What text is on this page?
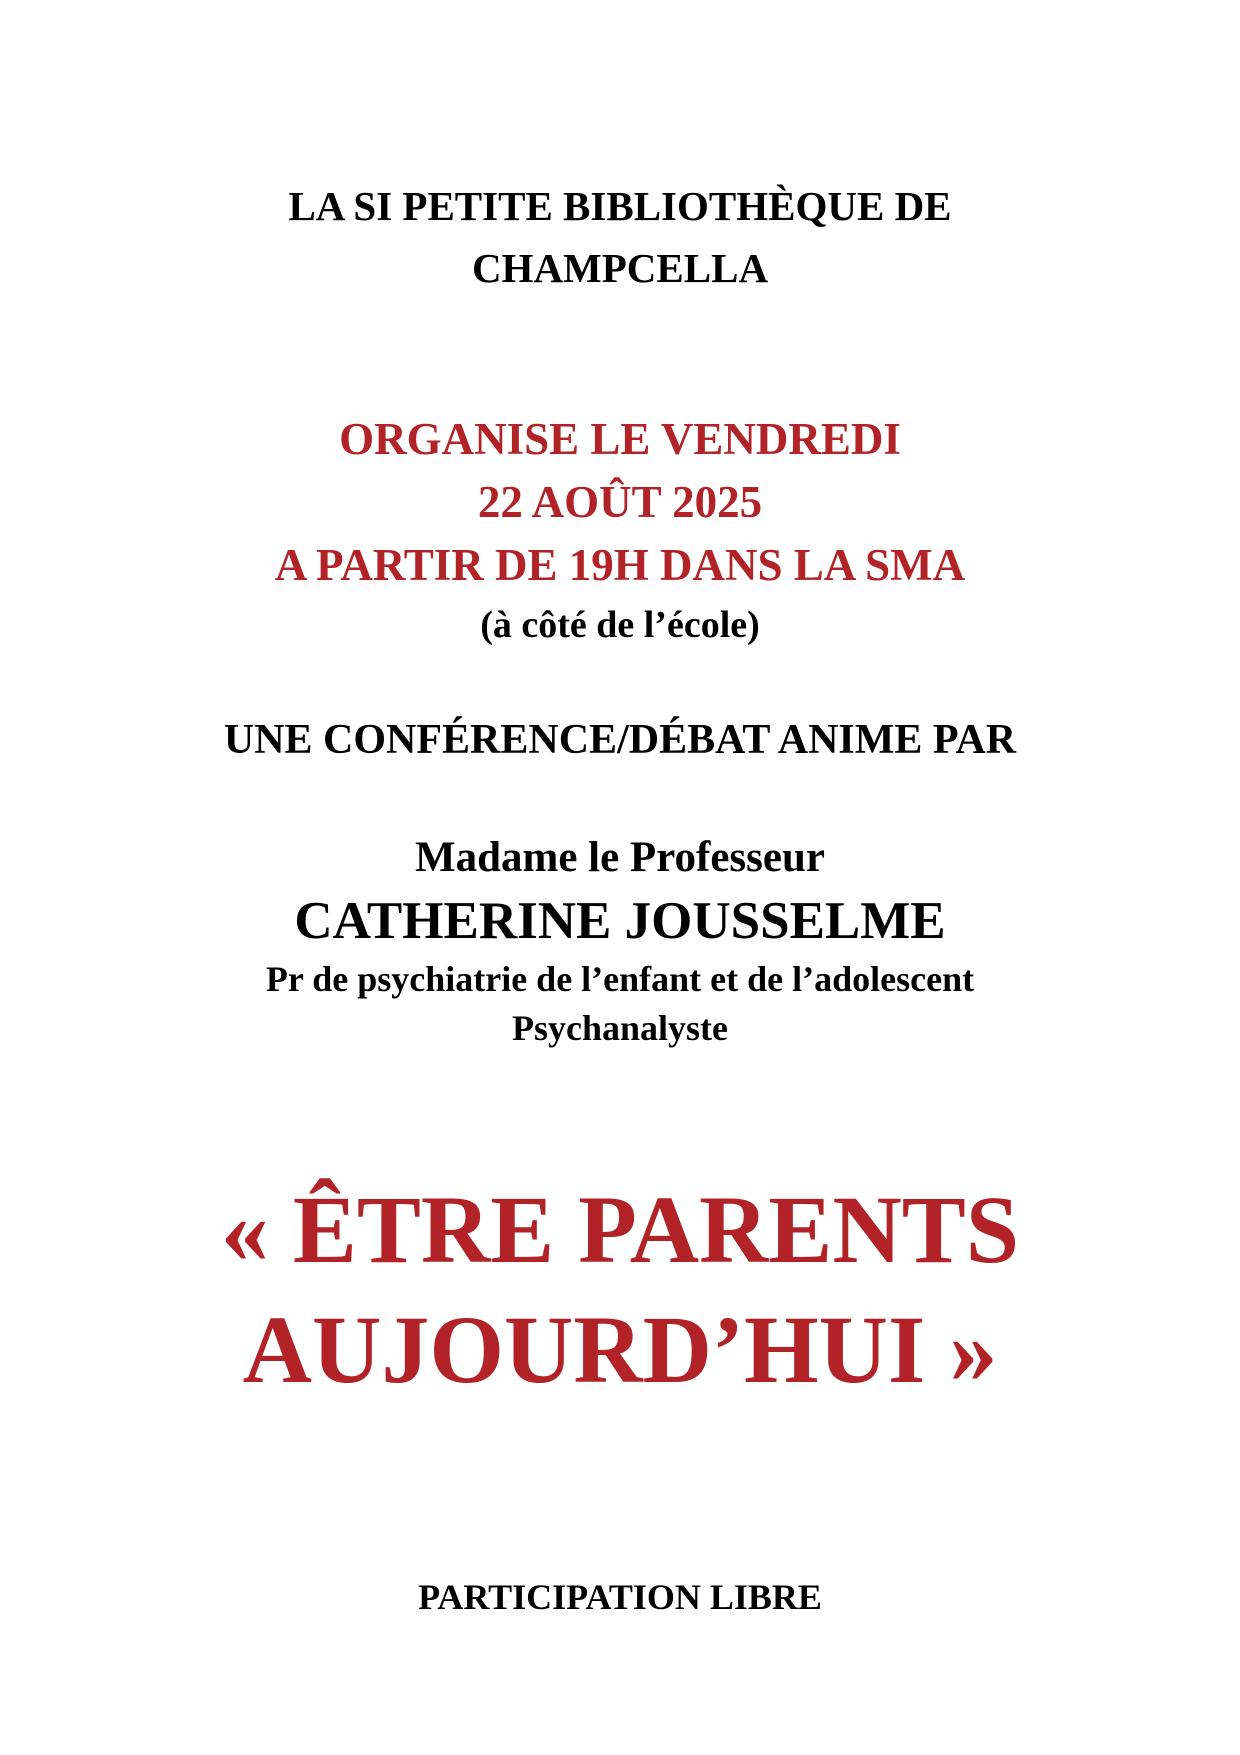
LA SI PETITE BIBLIOTHÈQUE DE
CHAMPCELLA
ORGANISE LE VENDREDI
22 AOÛT 2025
A PARTIR DE 19H DANS LA SMA
(à côté de l’école)
UNE CONFÉRENCE/DÉBAT ANIME PAR
Madame le Professeur
CATHERINE JOUSSELME
Pr de psychiatrie de l’enfant et de l’adolescent
Psychanalyste
« ÊTRE PARENTS
AUJOURD’HUI »
PARTICIPATION LIBRE
